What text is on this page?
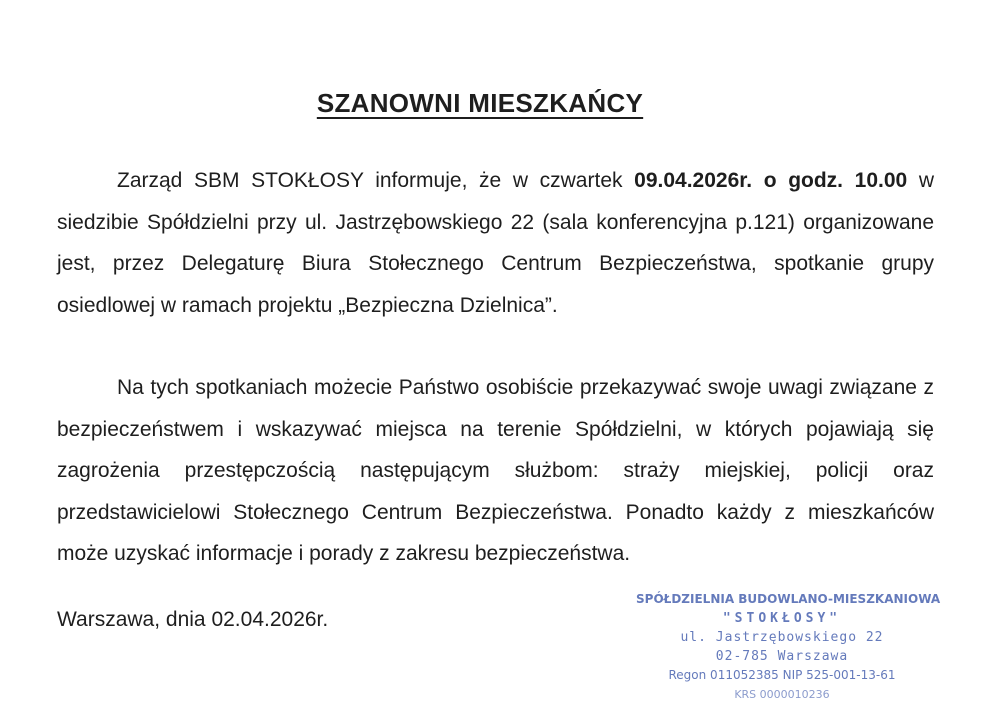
SZANOWNI MIESZKAŃCY
Zarząd SBM STOKŁOSY informuje, że w czwartek 09.04.2026r. o godz. 10.00 w siedzibie Spółdzielni przy ul. Jastrzębowskiego 22 (sala konferencyjna p.121) organizowane jest, przez Delegaturę Biura Stołecznego Centrum Bezpieczeństwa, spotkanie grupy osiedlowej w ramach projektu „Bezpieczna Dzielnica”.
Na tych spotkaniach możecie Państwo osobiście przekazywać swoje uwagi związane z bezpieczeństwem i wskazywać miejsca na terenie Spółdzielni, w których pojawiają się zagrożenia przestępczością następującym służbom: straży miejskiej, policji oraz przedstawicielowi Stołecznego Centrum Bezpieczeństwa. Ponadto każdy z mieszkańców może uzyskać informacje i porady z zakresu bezpieczeństwa.
Warszawa, dnia 02.04.2026r.
SPÓŁDZIELNIA BUDOWLANO-MIESZKANIOWA
"STOKŁOSY"
ul. Jastrzębowskiego 22
02-785 Warszawa
Regon 011052385 NIP 525-001-13-61
KRS 0000010236
